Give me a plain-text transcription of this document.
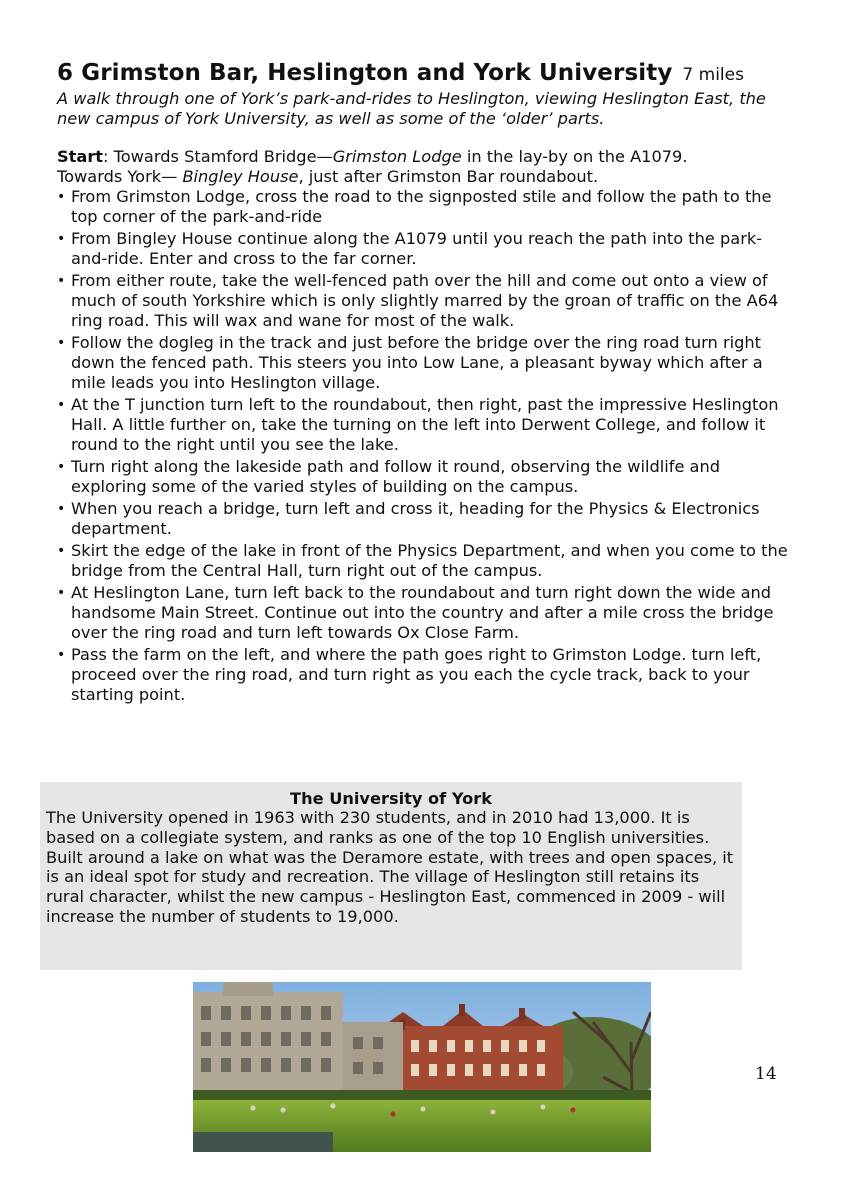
6 Grimston Bar, Heslington and York University 7 miles
A walk through one of York’s park-and-rides to Heslington, viewing Heslington East, the new campus of York University, as well as some of the ‘older’ parts.
Start: Towards Stamford Bridge—Grimston Lodge in the lay-by on the A1079.
Towards York— Bingley House, just after Grimston Bar roundabout.
• From Grimston Lodge, cross the road to the signposted stile and follow the path to the top corner of the park-and-ride
• From Bingley House continue along the A1079 until you reach the path into the park-and-ride. Enter and cross to the far corner.
• From either route, take the well-fenced path over the hill and come out onto a view of much of south Yorkshire which is only slightly marred by the groan of traffic on the A64 ring road. This will wax and wane for most of the walk.
• Follow the dogleg in the track and just before the bridge over the ring road turn right down the fenced path. This steers you into Low Lane, a pleasant byway which after a mile leads you into Heslington village.
• At the T junction turn left to the roundabout, then right, past the impressive Heslington Hall. A little further on, take the turning on the left into Derwent College, and follow it round to the right until you see the lake.
• Turn right along the lakeside path and follow it round, observing the wildlife and exploring some of the varied styles of building on the campus.
• When you reach a bridge, turn left and cross it, heading for the Physics & Electronics department.
• Skirt the edge of the lake in front of the Physics Department, and when you come to the bridge from the Central Hall, turn right out of the campus.
• At Heslington Lane, turn left back to the roundabout and turn right down the wide and handsome Main Street. Continue out into the country and after a mile cross the bridge over the ring road and turn left towards Ox Close Farm.
• Pass the farm on the left, and where the path goes right to Grimston Lodge. turn left, proceed over the ring road, and turn right as you each the cycle track, back to your starting point.
The University of York
The University opened in 1963 with 230 students, and in 2010 had 13,000. It is based on a collegiate system, and ranks as one of the top 10 English universities. Built around a lake on what was the Deramore estate, with trees and open spaces, it is an ideal spot for study and recreation. The village of Heslington still retains its rural character, whilst the new campus - Heslington East, commenced in 2009 - will increase the number of students to 19,000.
14
